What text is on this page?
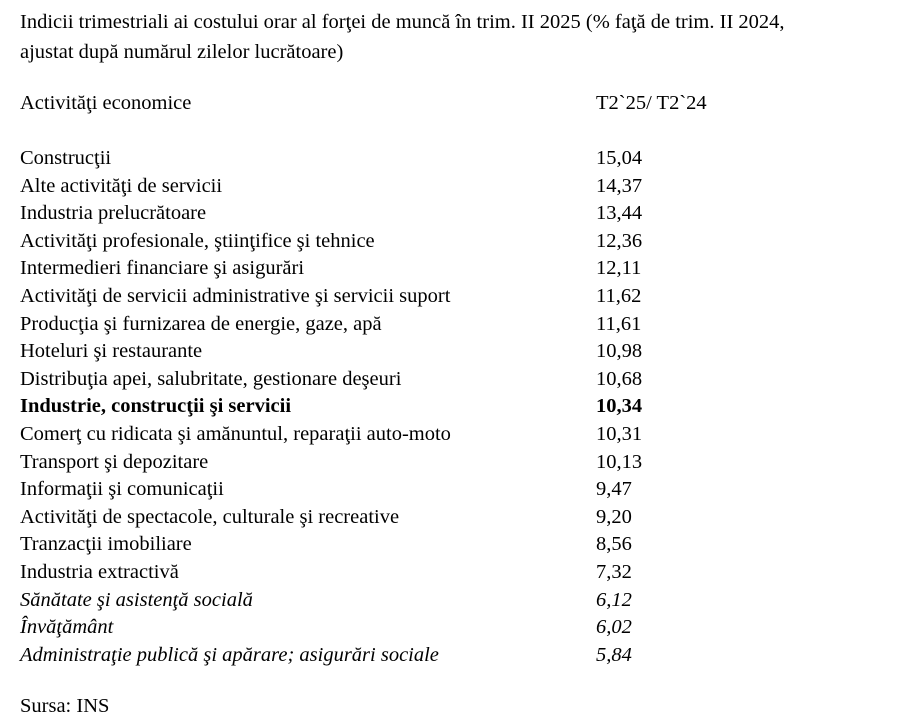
Indicii trimestriali ai costului orar al forţei de muncă în trim. II 2025 (% faţă de trim. II 2024,
ajustat după numărul zilelor lucrătoare)
Activităţi economice	T2`25/ T2`24
Construcţii	15,04
Alte activităţi de servicii	14,37
Industria prelucrătoare	13,44
Activităţi profesionale, ştiinţifice şi tehnice	12,36
Intermedieri financiare şi asigurări	12,11
Activităţi de servicii administrative şi servicii suport	11,62
Producţia şi furnizarea de energie, gaze, apă	11,61
Hoteluri şi restaurante	10,98
Distribuţia apei, salubritate, gestionare deşeuri	10,68
Industrie, construcţii şi servicii	10,34
Comerţ cu ridicata şi amănuntul, reparaţii auto-moto	10,31
Transport şi depozitare	10,13
Informaţii şi comunicaţii	9,47
Activităţi de spectacole, culturale şi recreative	9,20
Tranzacţii imobiliare	8,56
Industria extractivă	7,32
Sănătate şi asistenţă socială	6,12
Învăţământ	6,02
Administraţie publică şi apărare; asigurări sociale	5,84
Sursa: INS
